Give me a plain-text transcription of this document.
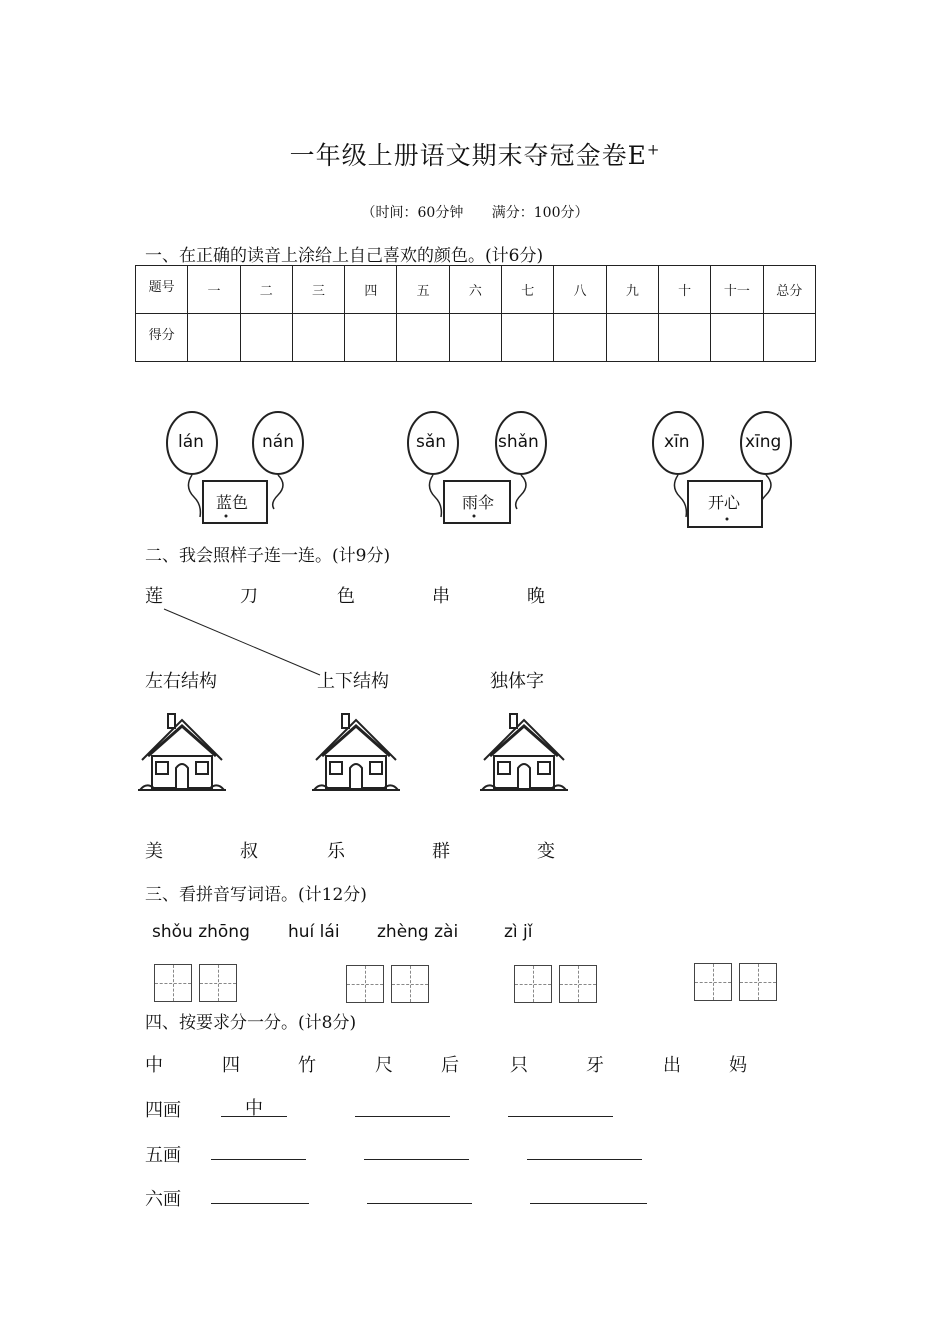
一年级上册语文期末夺冠金卷E+
（时间：60分钟　 满分：100分）
一、在正确的读音上涂给上自己喜欢的颜色。(计6分)
题号	一	二	三	四	五	六	七	八	九	十	十一	总分
得分												
lán	nán
蓝色
sǎn	shǎn
雨伞
xīn	xīng
开心
二、我会照样子连一连。(计9分)
莲	刀	色	串	晚
左右结构	上下结构	独体字
美	叔	乐	群	变
三、看拼音写词语。(计12分)
shǒu zhōng huí lái zhèng zài	zì jǐ
四、按要求分一分。(计8分)
中	四	竹	尺	后	只	牙	出	妈
四画	中
五画
六画
